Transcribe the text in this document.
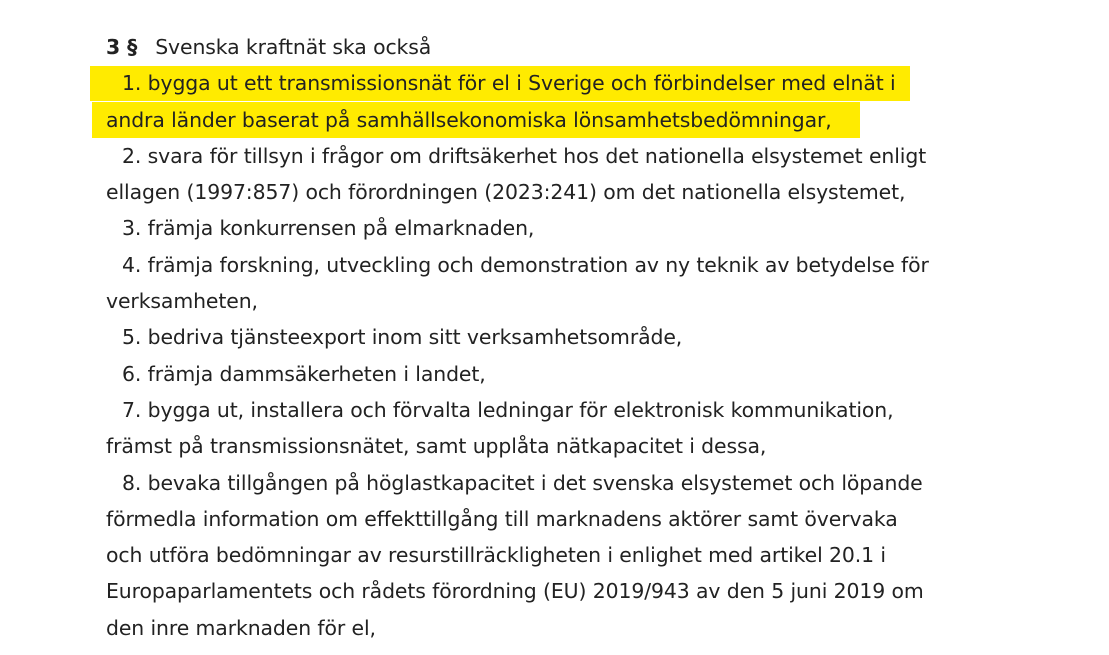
3 § Svenska kraftnät ska också
1. bygga ut ett transmissionsnät för el i Sverige och förbindelser med elnät i
andra länder baserat på samhällsekonomiska lönsamhetsbedömningar,
2. svara för tillsyn i frågor om driftsäkerhet hos det nationella elsystemet enligt
ellagen (1997:857) och förordningen (2023:241) om det nationella elsystemet,
3. främja konkurrensen på elmarknaden,
4. främja forskning, utveckling och demonstration av ny teknik av betydelse för
verksamheten,
5. bedriva tjänsteexport inom sitt verksamhetsområde,
6. främja dammsäkerheten i landet,
7. bygga ut, installera och förvalta ledningar för elektronisk kommunikation,
främst på transmissionsnätet, samt upplåta nätkapacitet i dessa,
8. bevaka tillgången på höglastkapacitet i det svenska elsystemet och löpande
förmedla information om effekttillgång till marknadens aktörer samt övervaka
och utföra bedömningar av resurstillräckligheten i enlighet med artikel 20.1 i
Europaparlamentets och rådets förordning (EU) 2019/943 av den 5 juni 2019 om
den inre marknaden för el,
